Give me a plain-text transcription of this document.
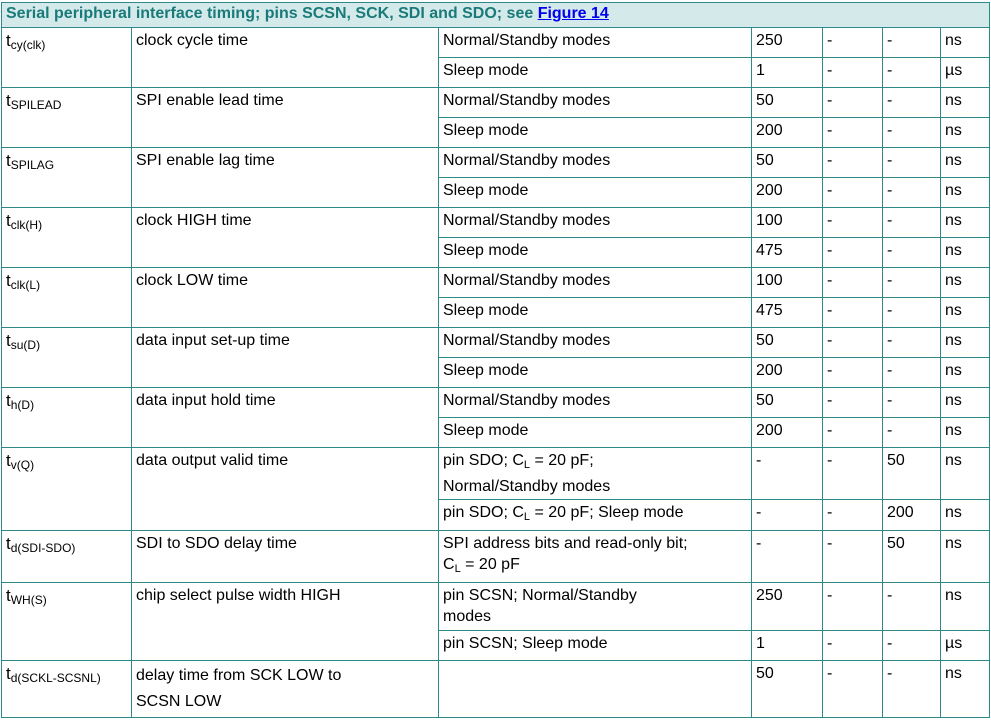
Serial peripheral interface timing; pins SCSN, SCK, SDI and SDO; see Figure 14						
$t_{cy(clk)}$	clock cycle time	Normal/Standby modes	250	-	-	ns
		Sleep mode	1	-	-	µs
$t_{SPILEAD}$	SPI enable lead time	Normal/Standby modes	50	-	-	ns
		Sleep mode	200	-	-	ns
$t_{SPILAG}$	SPI enable lag time	Normal/Standby modes	50	-	-	ns
		Sleep mode	200	-	-	ns
$t_{clk(H)}$	clock HIGH time	Normal/Standby modes	100	-	-	ns
		Sleep mode	475	-	-	ns
$t_{clk(L)}$	clock LOW time	Normal/Standby modes	100	-	-	ns
		Sleep mode	475	-	-	ns
$t_{su(D)}$	data input set-up time	Normal/Standby modes	50	-	-	ns
		Sleep mode	200	-	-	ns
$t_{h(D)}$	data input hold time	Normal/Standby modes	50	-	-	ns
		Sleep mode	200	-	-	ns
$t_{v(Q)}$	data output valid time	pin SDO; $C_L = 20$ pF;
Normal/Standby modes	-	-	50	ns
		pin SDO; $C_L = 20$ pF; Sleep mode	-	-	200	ns
$t_{d(SDI-SDO)}$	SDI to SDO delay time	SPI address bits and read-only bit;
$C_L = 20$ pF	-	-	50	ns
$t_{WH(S)}$	chip select pulse width HIGH	pin SCSN; Normal/Standby
modes	250	-	-	ns
		pin SCSN; Sleep mode	1	-	-	µs
$t_{d(SCKL-SCSNL)}$	delay time from SCK LOW to
SCSN LOW		50	-	-	ns
